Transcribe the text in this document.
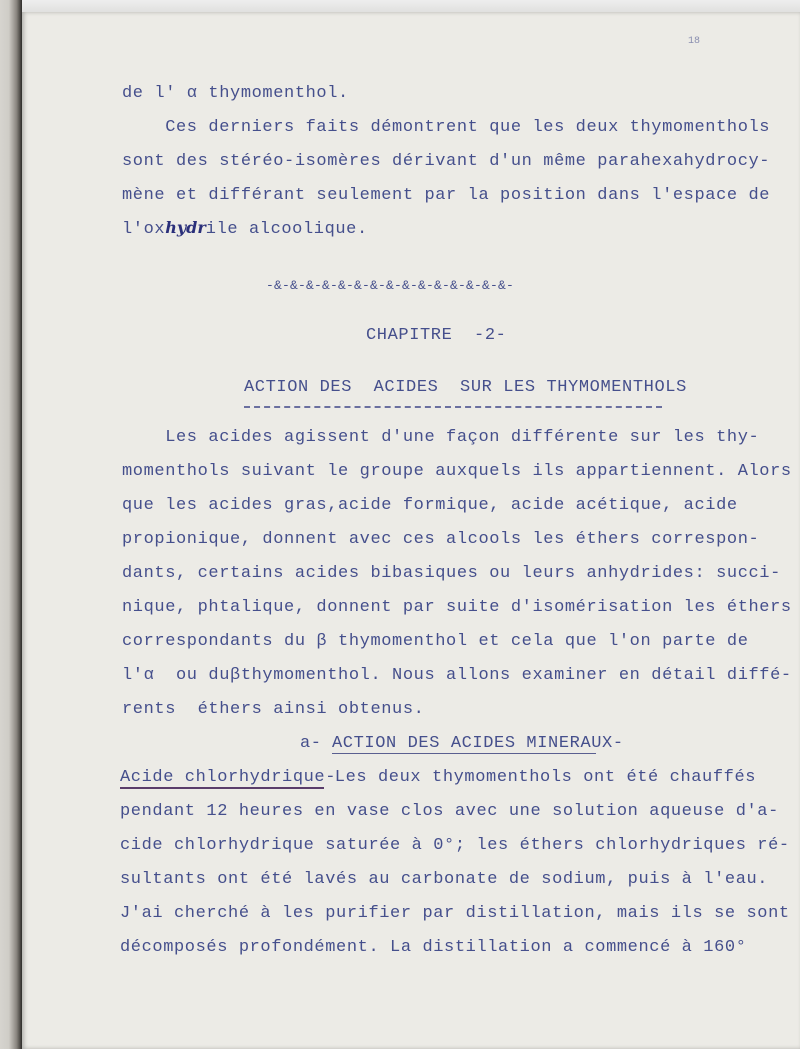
18
de l' α thymomenthol.
Ces derniers faits démontrent que les deux thymomenthols
sont des stéréo-isomères dérivant d'un même parahexahydrocy-
mène et différant seulement par la position dans l'espace de
l'oxhydrile alcoolique.
-&-&-&-&-&-&-&-&-&-&-&-&-&-&-&-
CHAPITRE  -2-
ACTION DES  ACIDES  SUR LES THYMOMENTHOLS
Les acides agissent d'une façon différente sur les thy-
momenthols suivant le groupe auxquels ils appartiennent. Alors
que les acides gras,acide formique, acide acétique, acide
propionique, donnent avec ces alcools les éthers correspon-
dants, certains acides bibasiques ou leurs anhydrides: succi-
nique, phtalique, donnent par suite d'isomérisation les éthers
correspondants du β thymomenthol et cela que l'on parte de
l'α  ou duβthymomenthol. Nous allons examiner en détail diffé-
rents  éthers ainsi obtenus.
a- ACTION DES ACIDES MINERAUX-
Acide chlorhydrique-
Les deux thymomenthols ont été chauffés
pendant 12 heures en vase clos avec une solution aqueuse d'a-
cide chlorhydrique saturée à 0°; les éthers chlorhydriques ré-
sultants ont été lavés au carbonate de sodium, puis à l'eau.
J'ai cherché à les purifier par distillation, mais ils se sont
décomposés profondément. La distillation a commencé à 160°
